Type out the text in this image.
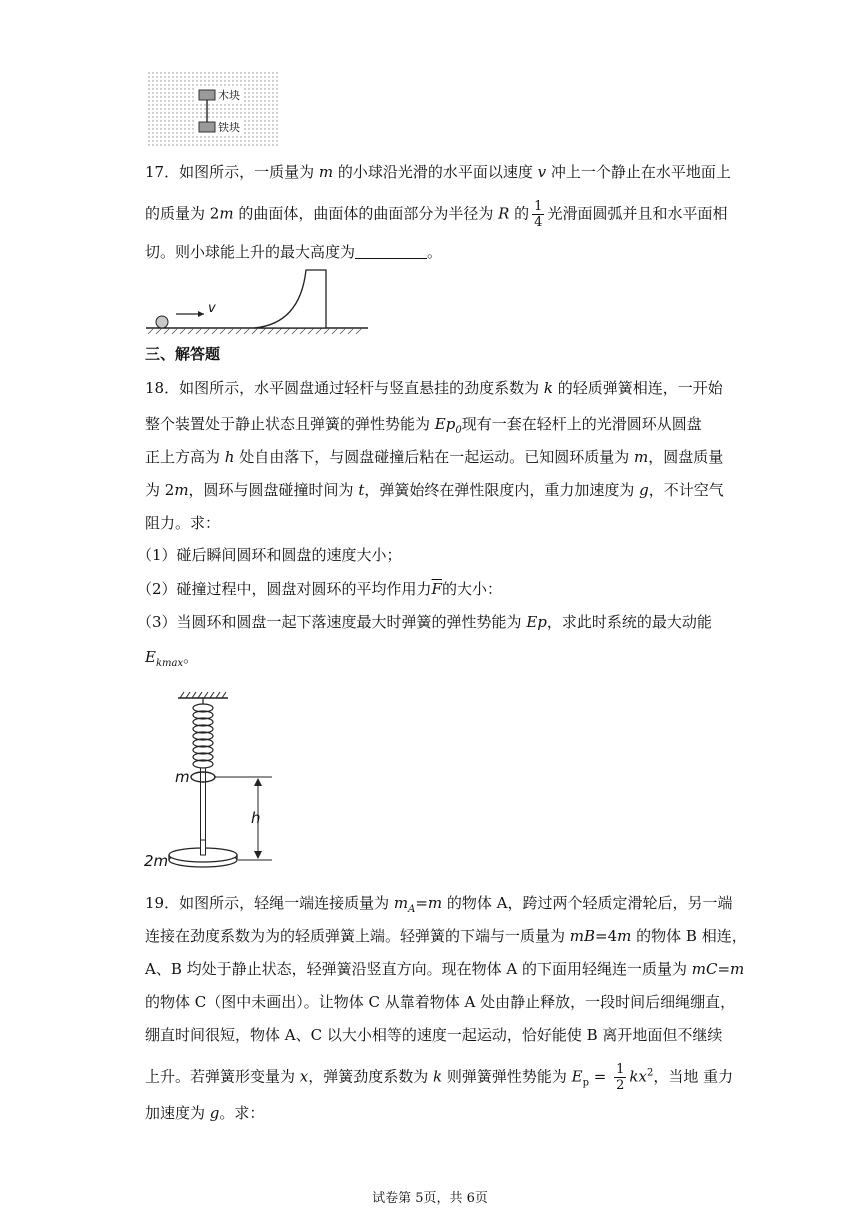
木块
铁块
17．如图所示，一质量为 m 的小球沿光滑的水平面以速度 v 冲上一个静止在水平地面上
的质量为 2m 的曲面体，曲面体的曲面部分为半径为 R 的 $\frac{1}{4}$ 光滑面圆弧并且和水平面相
切。则小球能上升的最大高度为	。
v
三、解答题
18．如图所示，水平圆盘通过轻杆与竖直悬挂的劲度系数为 k 的轻质弹簧相连，一开始
整个装置处于静止状态且弹簧的弹性势能为 $Ep_0$现有一套在轻杆上的光滑圆环从圆盘
正上方高为 h 处自由落下，与圆盘碰撞后粘在一起运动。已知圆环质量为 m，圆盘质量
为 2m，圆环与圆盘碰撞时间为 t，弹簧始终在弹性限度内，重力加速度为 g，不计空气
阻力。求：
（1）碰后瞬间圆环和圆盘的速度大小；
（2）碰撞过程中，圆盘对圆环的平均作用力$\overline{F}$的大小：
（3）当圆环和圆盘一起下落速度最大时弹簧的弹性势能为 Ep，求此时系统的最大动能
$E_{kmax}$。
m
h
2m
19．如图所示，轻绳一端连接质量为 $m_A=m$ 的物体 A，跨过两个轻质定滑轮后，另一端
连接在劲度系数为为的轻质弹簧上端。轻弹簧的下端与一质量为 mB=4m 的物体 B 相连，
A、B 均处于静止状态，轻弹簧沿竖直方向。现在物体 A 的下面用轻绳连一质量为 mC=m
的物体 C（图中未画出）。让物体 C 从靠着物体 A 处由静止释放，一段时间后细绳绷直，
绷直时间很短，物体 A、C 以大小相等的速度一起运动，恰好能使 B 离开地面但不继续
上升。若弹簧形变量为 x，弹簧劲度系数为 k 则弹簧弹性势能为 $E_p = \frac{1}{2} kx^2$，当地 重力
加速度为 g。求：
试卷第 5页，共 6页
